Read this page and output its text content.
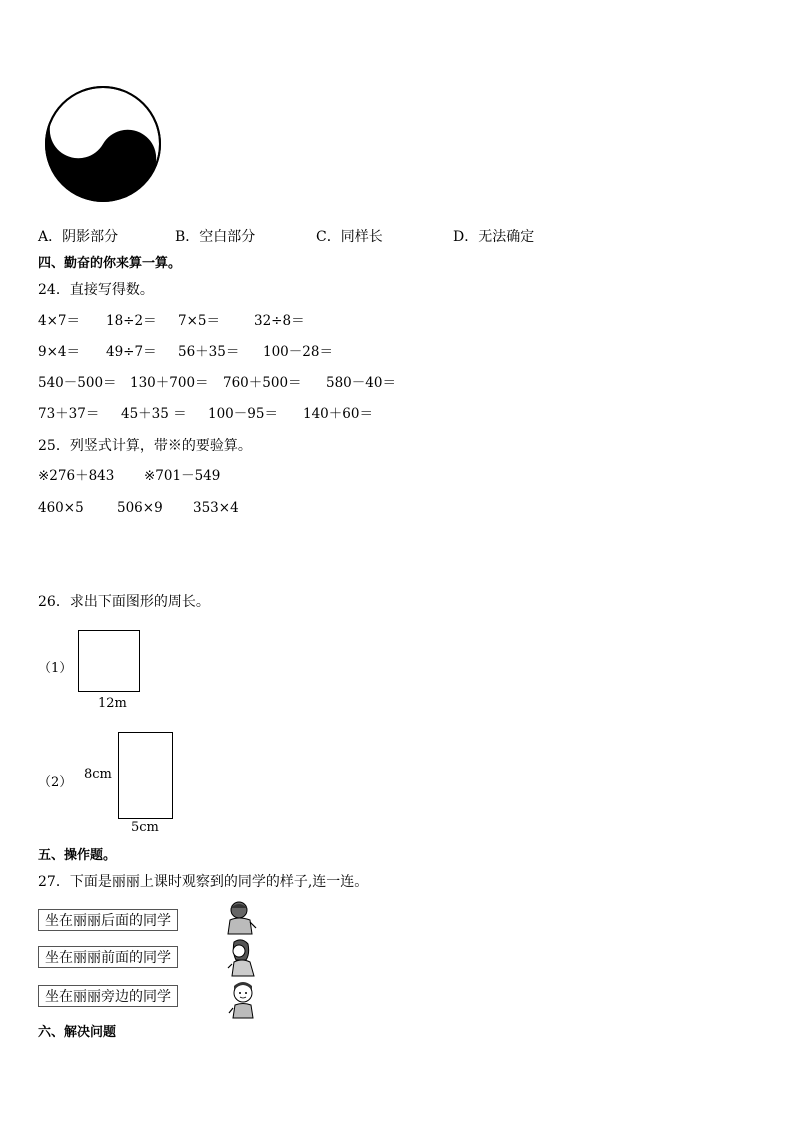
A．阴影部分	B．空白部分	C．同样长	D．无法确定
四、勤奋的你来算一算。
24．直接写得数。
4×7＝ 18÷2＝ 7×5＝	32÷8＝
9×4＝ 49÷7＝ 56＋35＝ 100－28＝
540－500＝ 130＋700＝ 760＋500＝ 580－40＝
73＋37＝ 45＋35 ＝ 100－95＝ 140＋60＝
25．列竖式计算，带※的要验算。
※276＋843 ※701－549
460×5 506×9 353×4
26．求出下面图形的周长。
（1）
12m
（2）
8cm
5cm
五、操作题。
27．下面是丽丽上课时观察到的同学的样子,连一连。
坐在丽丽后面的同学
坐在丽丽前面的同学
坐在丽丽旁边的同学
六、解决问题
